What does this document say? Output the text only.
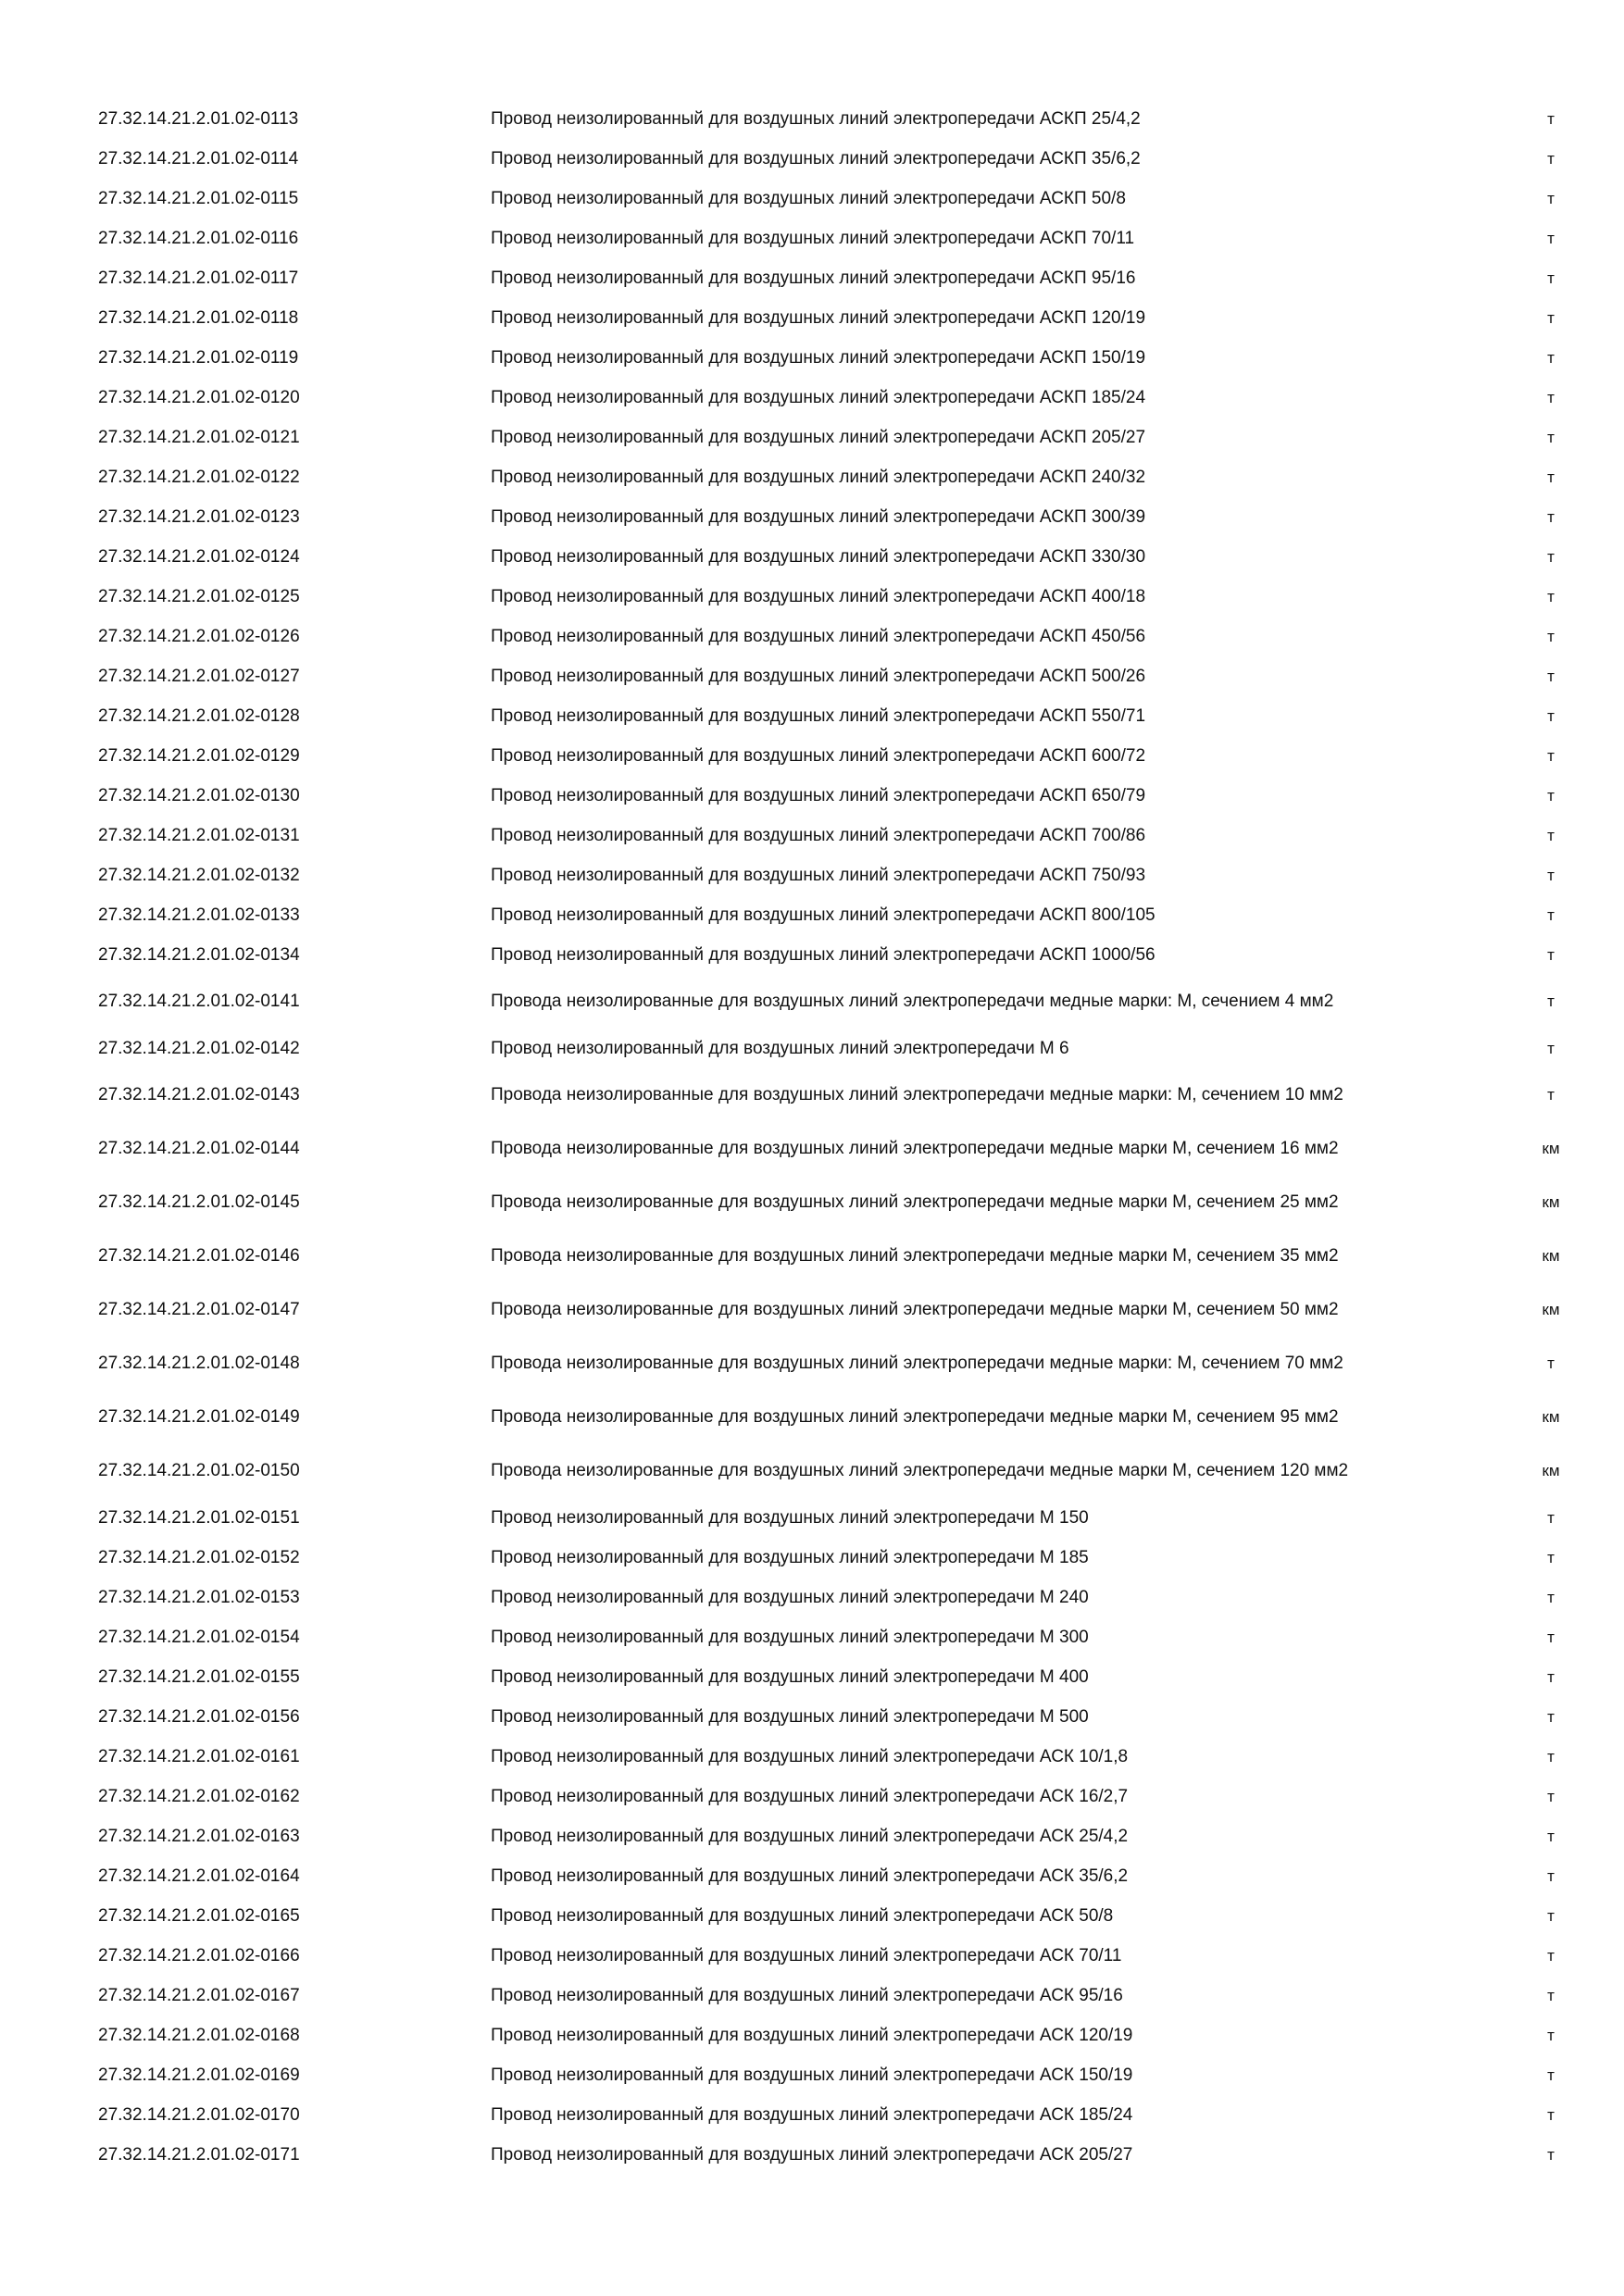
27.32.14.21.2.01.02-0113	Провод неизолированный для воздушных линий электропередачи АСКП 25/4,2	т
27.32.14.21.2.01.02-0114	Провод неизолированный для воздушных линий электропередачи АСКП 35/6,2	т
27.32.14.21.2.01.02-0115	Провод неизолированный для воздушных линий электропередачи АСКП 50/8	т
27.32.14.21.2.01.02-0116	Провод неизолированный для воздушных линий электропередачи АСКП 70/11	т
27.32.14.21.2.01.02-0117	Провод неизолированный для воздушных линий электропередачи АСКП 95/16	т
27.32.14.21.2.01.02-0118	Провод неизолированный для воздушных линий электропередачи АСКП 120/19	т
27.32.14.21.2.01.02-0119	Провод неизолированный для воздушных линий электропередачи АСКП 150/19	т
27.32.14.21.2.01.02-0120	Провод неизолированный для воздушных линий электропередачи АСКП 185/24	т
27.32.14.21.2.01.02-0121	Провод неизолированный для воздушных линий электропередачи АСКП 205/27	т
27.32.14.21.2.01.02-0122	Провод неизолированный для воздушных линий электропередачи АСКП 240/32	т
27.32.14.21.2.01.02-0123	Провод неизолированный для воздушных линий электропередачи АСКП 300/39	т
27.32.14.21.2.01.02-0124	Провод неизолированный для воздушных линий электропередачи АСКП 330/30	т
27.32.14.21.2.01.02-0125	Провод неизолированный для воздушных линий электропередачи АСКП 400/18	т
27.32.14.21.2.01.02-0126	Провод неизолированный для воздушных линий электропередачи АСКП 450/56	т
27.32.14.21.2.01.02-0127	Провод неизолированный для воздушных линий электропередачи АСКП 500/26	т
27.32.14.21.2.01.02-0128	Провод неизолированный для воздушных линий электропередачи АСКП 550/71	т
27.32.14.21.2.01.02-0129	Провод неизолированный для воздушных линий электропередачи АСКП 600/72	т
27.32.14.21.2.01.02-0130	Провод неизолированный для воздушных линий электропередачи АСКП 650/79	т
27.32.14.21.2.01.02-0131	Провод неизолированный для воздушных линий электропередачи АСКП 700/86	т
27.32.14.21.2.01.02-0132	Провод неизолированный для воздушных линий электропередачи АСКП 750/93	т
27.32.14.21.2.01.02-0133	Провод неизолированный для воздушных линий электропередачи АСКП 800/105	т
27.32.14.21.2.01.02-0134	Провод неизолированный для воздушных линий электропередачи АСКП 1000/56	т
27.32.14.21.2.01.02-0141	Провода неизолированные для воздушных линий электропередачи медные марки: М, сечением 4 мм2	т
27.32.14.21.2.01.02-0142	Провод неизолированный для воздушных линий электропередачи М 6	т
27.32.14.21.2.01.02-0143	Провода неизолированные для воздушных линий электропередачи медные марки: М, сечением 10 мм2	т
27.32.14.21.2.01.02-0144	Провода неизолированные для воздушных линий электропередачи медные марки М, сечением 16 мм2	км
27.32.14.21.2.01.02-0145	Провода неизолированные для воздушных линий электропередачи медные марки М, сечением 25 мм2	км
27.32.14.21.2.01.02-0146	Провода неизолированные для воздушных линий электропередачи медные марки М, сечением 35 мм2	км
27.32.14.21.2.01.02-0147	Провода неизолированные для воздушных линий электропередачи медные марки М, сечением 50 мм2	км
27.32.14.21.2.01.02-0148	Провода неизолированные для воздушных линий электропередачи медные марки: М, сечением 70 мм2	т
27.32.14.21.2.01.02-0149	Провода неизолированные для воздушных линий электропередачи медные марки М, сечением 95 мм2	км
27.32.14.21.2.01.02-0150	Провода неизолированные для воздушных линий электропередачи медные марки М, сечением 120 мм2	км
27.32.14.21.2.01.02-0151	Провод неизолированный для воздушных линий электропередачи М 150	т
27.32.14.21.2.01.02-0152	Провод неизолированный для воздушных линий электропередачи М 185	т
27.32.14.21.2.01.02-0153	Провод неизолированный для воздушных линий электропередачи М 240	т
27.32.14.21.2.01.02-0154	Провод неизолированный для воздушных линий электропередачи М 300	т
27.32.14.21.2.01.02-0155	Провод неизолированный для воздушных линий электропередачи М 400	т
27.32.14.21.2.01.02-0156	Провод неизолированный для воздушных линий электропередачи М 500	т
27.32.14.21.2.01.02-0161	Провод неизолированный для воздушных линий электропередачи АСК 10/1,8	т
27.32.14.21.2.01.02-0162	Провод неизолированный для воздушных линий электропередачи АСК 16/2,7	т
27.32.14.21.2.01.02-0163	Провод неизолированный для воздушных линий электропередачи АСК 25/4,2	т
27.32.14.21.2.01.02-0164	Провод неизолированный для воздушных линий электропередачи АСК 35/6,2	т
27.32.14.21.2.01.02-0165	Провод неизолированный для воздушных линий электропередачи АСК 50/8	т
27.32.14.21.2.01.02-0166	Провод неизолированный для воздушных линий электропередачи АСК 70/11	т
27.32.14.21.2.01.02-0167	Провод неизолированный для воздушных линий электропередачи АСК 95/16	т
27.32.14.21.2.01.02-0168	Провод неизолированный для воздушных линий электропередачи АСК 120/19	т
27.32.14.21.2.01.02-0169	Провод неизолированный для воздушных линий электропередачи АСК 150/19	т
27.32.14.21.2.01.02-0170	Провод неизолированный для воздушных линий электропередачи АСК 185/24	т
27.32.14.21.2.01.02-0171	Провод неизолированный для воздушных линий электропередачи АСК 205/27	т
